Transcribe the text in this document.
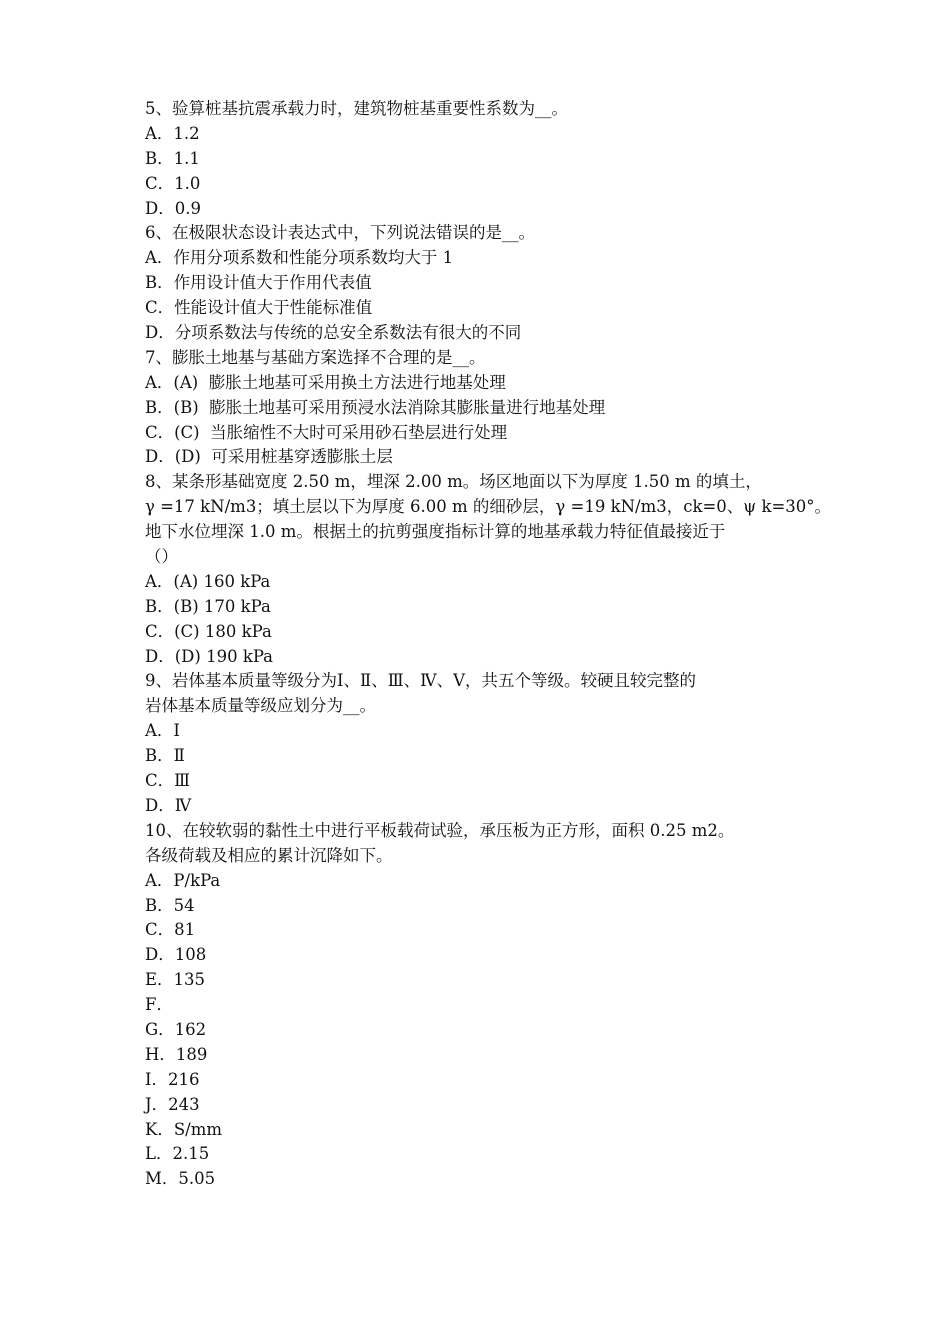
5、验算桩基抗震承载力时，建筑物桩基重要性系数为__。
A．1.2
B．1.1
C．1.0
D．0.9
6、在极限状态设计表达式中，下列说法错误的是__。
A．作用分项系数和性能分项系数均大于 1
B．作用设计值大于作用代表值
C．性能设计值大于性能标准值
D．分项系数法与传统的总安全系数法有很大的不同
7、膨胀土地基与基础方案选择不合理的是__。
A．(A)  膨胀土地基可采用换土方法进行地基处理
B．(B)  膨胀土地基可采用预浸水法消除其膨胀量进行地基处理
C．(C)  当胀缩性不大时可采用砂石垫层进行处理
D．(D)  可采用桩基穿透膨胀土层
8、某条形基础宽度 2.50 m，埋深 2.00 m。场区地面以下为厚度 1.50 m 的填土，
γ =17 kN/m3；填土层以下为厚度 6.00 m 的细砂层，γ =19 kN/m3，ck=0、ψ k=30°。
地下水位埋深 1.0 m。根据土的抗剪强度指标计算的地基承载力特征值最接近于
（）
A．(A) 160 kPa
B．(B) 170 kPa
C．(C) 180 kPa
D．(D) 190 kPa
9、岩体基本质量等级分为Ⅰ、Ⅱ、Ⅲ、Ⅳ、Ⅴ，共五个等级。较硬且较完整的
岩体基本质量等级应划分为__。
A．Ⅰ
B．Ⅱ
C．Ⅲ
D．Ⅳ
10、在较软弱的黏性土中进行平板载荷试验，承压板为正方形，面积 0.25 m2。
各级荷载及相应的累计沉降如下。
A．P/kPa
B．54
C．81
D．108
E．135
F．
G．162
H．189
I．216
J．243
K．S/mm
L．2.15
M．5.05
